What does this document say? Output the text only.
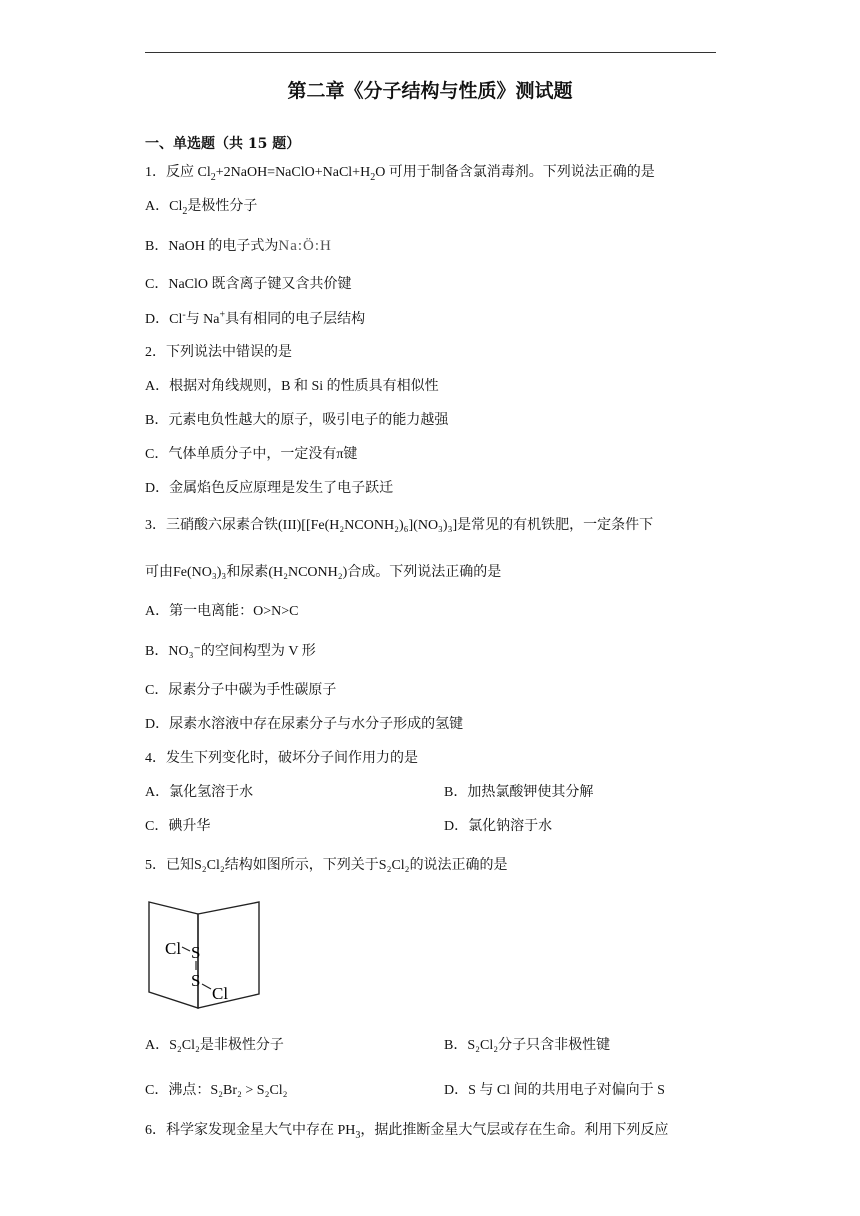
第二章《分子结构与性质》测试题
一、单选题（共 15 题）
1．反应 $Cl_2+2NaOH=NaClO+NaCl+H_2O$ 可用于制备含氯消毒剂。下列说法正确的是
A．$Cl_2$是极性分子
B．NaOH 的电子式为Na:Ö:H
C．NaClO 既含离子键又含共价键
D．Cl-与 Na+具有相同的电子层结构
2．下列说法中错误的是
A．根据对角线规则，B 和 Si 的性质具有相似性
B．元素电负性越大的原子，吸引电子的能力越强
C．气体单质分子中，一定没有π键
D．金属焰色反应原理是发生了电子跃迁
3．三硝酸六尿素合铁(III)[[Fe(H₂NCONH₂)₆](NO₃)₃]是常见的有机铁肥，一定条件下
可由Fe(NO₃)₃和尿素(H₂NCONH₂)合成。下列说法正确的是
A．第一电离能：O>N>C
B．NO₃⁻的空间构型为 V 形
C．尿素分子中碳为手性碳原子
D．尿素水溶液中存在尿素分子与水分子形成的氢键
4．发生下列变化时，破坏分子间作用力的是
A．氯化氢溶于水	B．加热氯酸钾使其分解
C．碘升华	D．氯化钠溶于水
5．已知S₂Cl₂结构如图所示，下列关于S₂Cl₂的说法正确的是
Cl S
S
Cl
A．S₂Cl₂是非极性分子	B．S₂Cl₂分子只含非极性键
C．沸点：S₂Br₂ > S₂Cl₂	D．S 与 Cl 间的共用电子对偏向于 S
6．科学家发现金星大气中存在 $PH_3$，据此推断金星大气层或存在生命。利用下列反应
